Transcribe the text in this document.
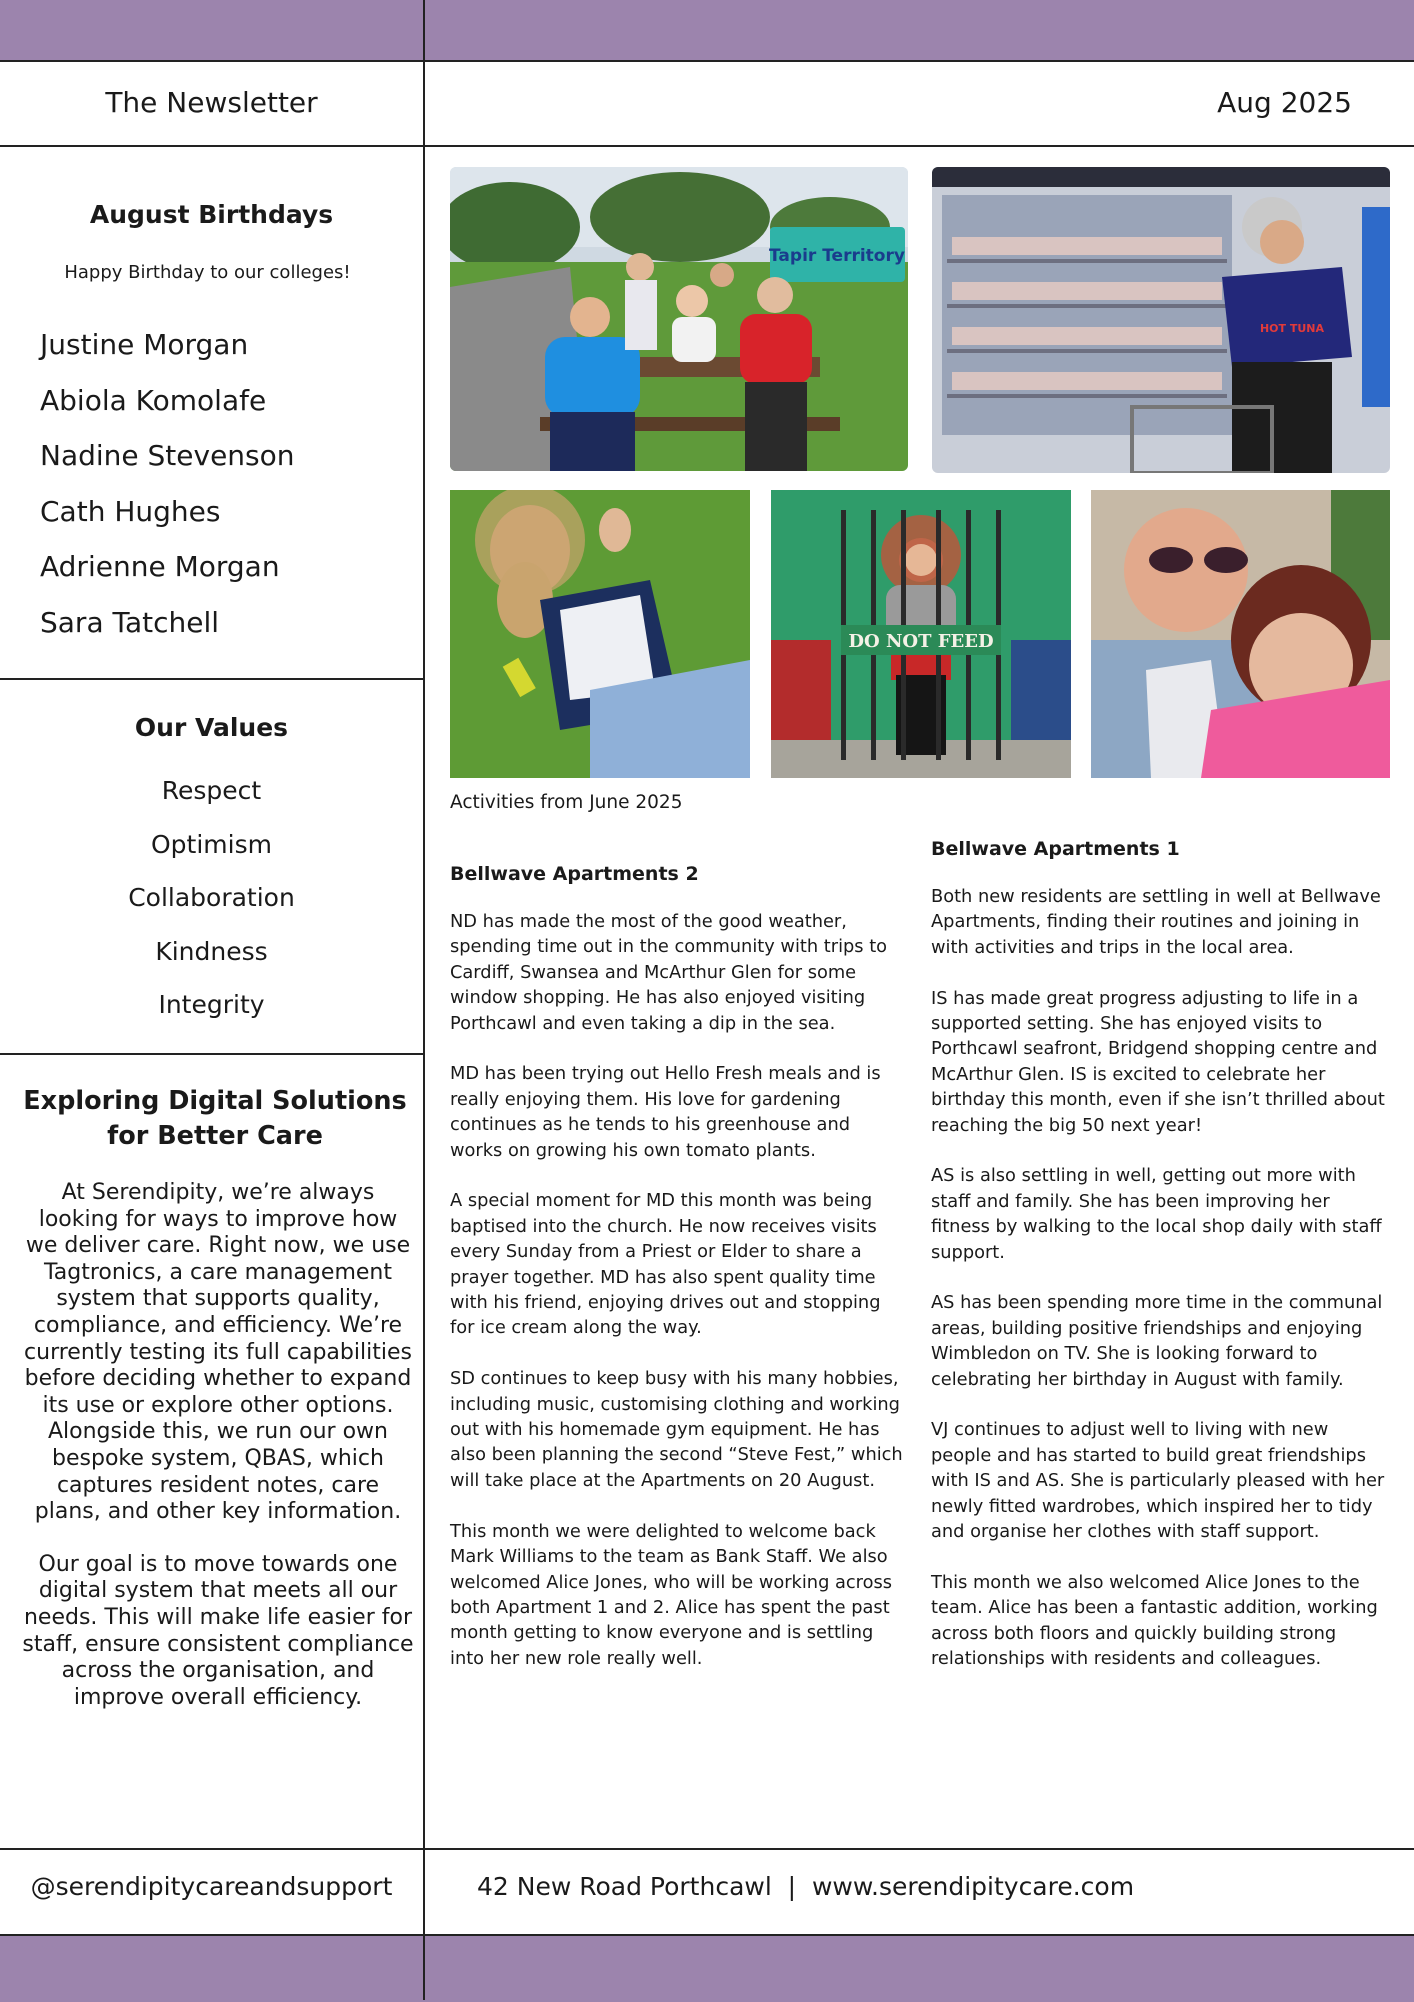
The Newsletter	Aug 2025
August Birthdays
Happy Birthday to our colleges!
Justine Morgan
Abiola Komolafe
Nadine Stevenson
Cath Hughes
Adrienne Morgan
Sara Tatchell
Our Values
Respect
Optimism
Collaboration
Kindness
Integrity
Exploring Digital Solutions for Better Care

At Serendipity, we’re always looking for ways to improve how we deliver care. Right now, we use Tagtronics, a care management system that supports quality, compliance, and efficiency. We’re currently testing its full capabilities before deciding whether to expand its use or explore other options. Alongside this, we run our own bespoke system, QBAS, which captures resident notes, care plans, and other key information.

Our goal is to move towards one digital system that meets all our needs. This will make life easier for staff, ensure consistent compliance across the organisation, and improve overall efficiency.

Tapir Territory
HOT TUNA
DO NOT FEED
Activities from June 2025
Bellwave Apartments 2

ND has made the most of the good weather, spending time out in the community with trips to Cardiff, Swansea and McArthur Glen for some window shopping. He has also enjoyed visiting Porthcawl and even taking a dip in the sea.

MD has been trying out Hello Fresh meals and is really enjoying them. His love for gardening continues as he tends to his greenhouse and works on growing his own tomato plants.

A special moment for MD this month was being baptised into the church. He now receives visits every Sunday from a Priest or Elder to share a prayer together. MD has also spent quality time with his friend, enjoying drives out and stopping for ice cream along the way.

SD continues to keep busy with his many hobbies, including music, customising clothing and working out with his homemade gym equipment. He has also been planning the second “Steve Fest,” which will take place at the Apartments on 20 August.

This month we were delighted to welcome back Mark Williams to the team as Bank Staff. We also welcomed Alice Jones, who will be working across both Apartment 1 and 2. Alice has spent the past month getting to know everyone and is settling into her new role really well.

Bellwave Apartments 1

Both new residents are settling in well at Bellwave Apartments, finding their routines and joining in with activities and trips in the local area.

IS has made great progress adjusting to life in a supported setting. She has enjoyed visits to Porthcawl seafront, Bridgend shopping centre and McArthur Glen. IS is excited to celebrate her birthday this month, even if she isn’t thrilled about reaching the big 50 next year!

AS is also settling in well, getting out more with staff and family. She has been improving her fitness by walking to the local shop daily with staff support.

AS has been spending more time in the communal areas, building positive friendships and enjoying Wimbledon on TV. She is looking forward to celebrating her birthday in August with family.

VJ continues to adjust well to living with new people and has started to build great friendships with IS and AS. She is particularly pleased with her newly fitted wardrobes, which inspired her to tidy and organise her clothes with staff support.

This month we also welcomed Alice Jones to the team. Alice has been a fantastic addition, working across both floors and quickly building strong relationships with residents and colleagues.

@serendipitycareandsupport	42 New Road Porthcawl  |  www.serendipitycare.com
